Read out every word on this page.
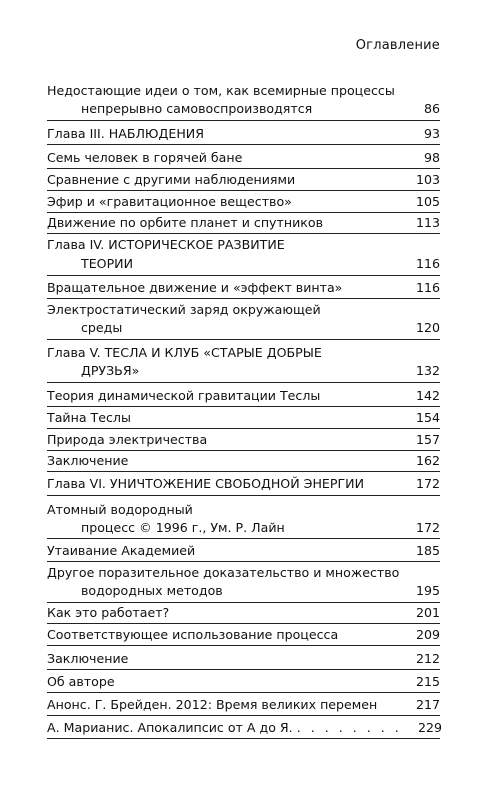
Оглавление
Недостающие идеи о том, как всемирные процессы
непрерывно самовоспроизводятся	86
Глава III. НАБЛЮДЕНИЯ	93
Семь человек в горячей бане	98
Сравнение с другими наблюдениями	103
Эфир и «гравитационное вещество»	105
Движение по орбите планет и спутников	113
Глава IV. ИСТОРИЧЕСКОЕ РАЗВИТИЕ
ТЕОРИИ	116
Вращательное движение и «эффект винта»	116
Электростатический заряд окружающей
среды	120
Глава V. ТЕСЛА И КЛУБ «СТАРЫЕ ДОБРЫЕ
ДРУЗЬЯ»	132
Теория динамической гравитации Теслы	142
Тайна Теслы	154
Природа электричества	157
Заключение	162
Глава VI. УНИЧТОЖЕНИЕ СВОБОДНОЙ ЭНЕРГИИ	172
Атомный водородный
процесс © 1996 г., Ум. Р. Лайн	172
Утаивание Академией	185
Другое поразительное доказательство и множество
водородных методов	195
Как это работает?	201
Соответствующее использование процесса	209
Заключение	212
Об авторе	215
Анонс. Г. Брейден. 2012: Время великих перемен	217
А. Марианис. Апокалипсис от А до Я. . . . . . . . . 229
